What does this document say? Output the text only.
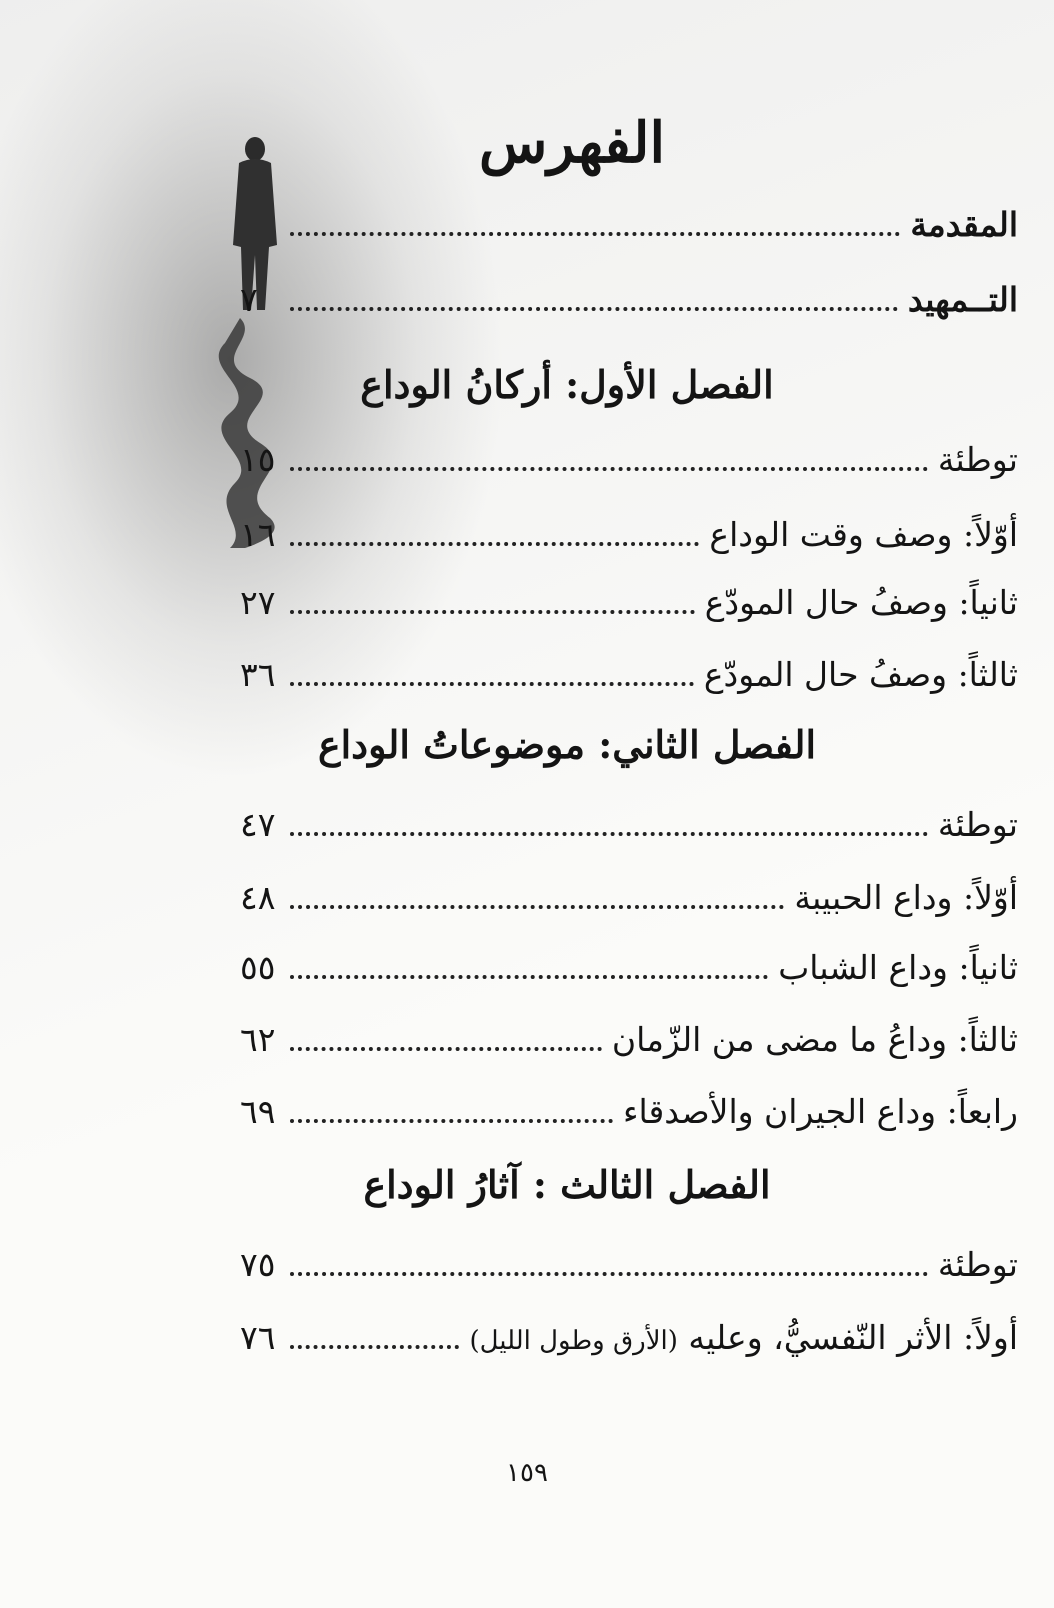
الفهرس
المقدمة
التــمهيد
٧
الفصل الأول: أركانُ الوداع
توطئة
١٥
أوّلاً: وصف وقت الوداع
١٦
ثانياً: وصفُ حال المودّع
٢٧
ثالثاً: وصفُ حال المودّع
٣٦
الفصل الثاني: موضوعاتُ الوداع
توطئة
٤٧
أوّلاً: وداع الحبيبة
٤٨
ثانياً: وداع الشباب
٥٥
ثالثاً: وداعُ ما مضى من الزّمان
٦٢
رابعاً: وداع الجيران والأصدقاء
٦٩
الفصل الثالث : آثارُ الوداع
توطئة
٧٥
أولاً: الأثر النّفسيُّ، وعليه (الأرق وطول الليل)
٧٦
١٥٩
